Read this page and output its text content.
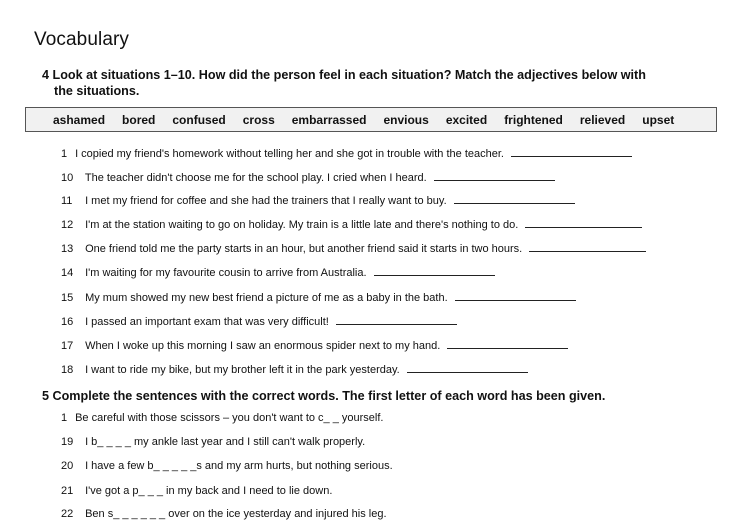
Vocabulary
4 Look at situations 1–10. How did the person feel in each situation? Match the adjectives below with
the situations.
ashamed bored confused cross embarrassed envious excited frightened relieved upset
1 I copied my friend's homework without telling her and she got in trouble with the teacher.
10 The teacher didn't choose me for the school play. I cried when I heard.
11 I met my friend for coffee and she had the trainers that I really want to buy.
12 I'm at the station waiting to go on holiday. My train is a little late and there's nothing to do.
13 One friend told me the party starts in an hour, but another friend said it starts in two hours.
14 I'm waiting for my favourite cousin to arrive from Australia.
15 My mum showed my new best friend a picture of me as a baby in the bath.
16 I passed an important exam that was very difficult!
17 When I woke up this morning I saw an enormous spider next to my hand.
18 I want to ride my bike, but my brother left it in the park yesterday.
5 Complete the sentences with the correct words. The first letter of each word has been given.
1 Be careful with those scissors – you don't want to c_ _ yourself.
19 I b_ _ _ _ my ankle last year and I still can't walk properly.
20 I have a few b_ _ _ _ _s and my arm hurts, but nothing serious.
21 I've got a p_ _ _ in my back and I need to lie down.
22 Ben s_ _ _ _ _ _ over on the ice yesterday and injured his leg.
